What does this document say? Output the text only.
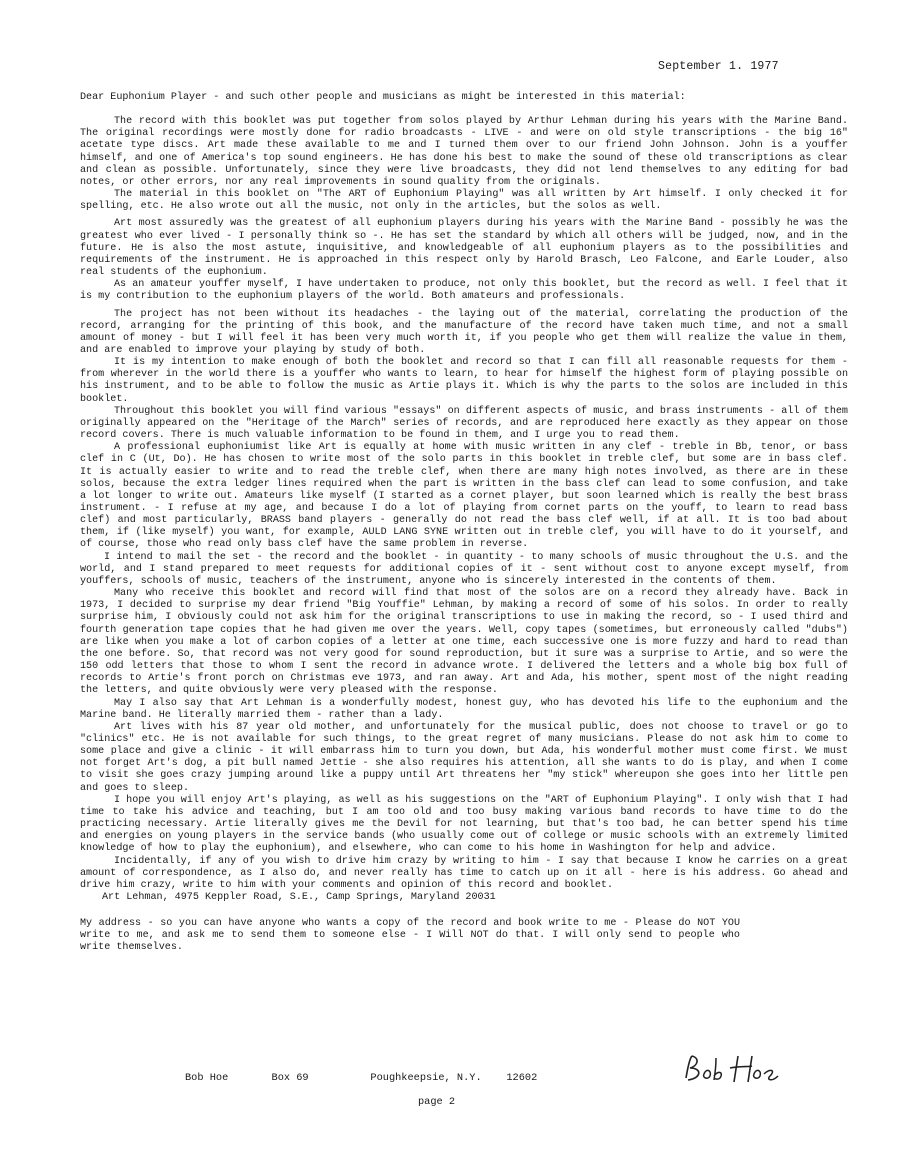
September 1. 1977

Dear Euphonium Player - and such other people and musicians as might be interested in this material:

The record with this booklet was put together from solos played by Arthur Lehman during his years with the Marine Band. The original recordings were mostly done for radio broadcasts - LIVE - and were on old style transcriptions - the big 16" acetate type discs. Art made these available to me and I turned them over to our friend John Johnson. John is a youffer himself, and one of America's top sound engineers. He has done his best to make the sound of these old transcriptions as clear and clean as possible. Unfortunately, since they were live broadcasts, they did not lend themselves to any editing for bad notes, or other errors, nor any real improvements in sound quality from the originals.

The material in this booklet on "The ART of Euphonium Playing" was all written by Art himself. I only checked it for spelling, etc. He also wrote out all the music, not only in the articles, but the solos as well.

Art most assuredly was the greatest of all euphonium players during his years with the Marine Band - possibly he was the greatest who ever lived - I personally think so -. He has set the standard by which all others will be judged, now, and in the future. He is also the most astute, inquisitive, and knowledgeable of all euphonium players as to the possibilities and requirements of the instrument. He is approached in this respect only by Harold Brasch, Leo Falcone, and Earle Louder, also real students of the euphonium.

As an amateur youffer myself, I have undertaken to produce, not only this booklet, but the record as well. I feel that it is my contribution to the euphonium players of the world. Both amateurs and professionals.

The project has not been without its headaches - the laying out of the material, correlating the production of the record, arranging for the printing of this book, and the manufacture of the record have taken much time, and not a small amount of money - but I will feel it has been very much worth it, if you people who get them will realize the value in them, and are enabled to improve your playing by study of both.

It is my intention to make enough of both the booklet and record so that I can fill all reasonable requests for them - from wherever in the world there is a youffer who wants to learn, to hear for himself the highest form of playing possible on his instrument, and to be able to follow the music as Artie plays it. Which is why the parts to the solos are included in this booklet.

Throughout this booklet you will find various "essays" on different aspects of music, and brass instruments - all of them originally appeared on the "Heritage of the March" series of records, and are reproduced here exactly as they appear on those record covers. There is much valuable information to be found in them, and I urge you to read them.

A professional euphoniumist like Art is equally at home with music written in any clef - treble in Bb, tenor, or bass clef in C (Ut, Do). He has chosen to write most of the solo parts in this booklet in treble clef, but some are in bass clef. It is actually easier to write and to read the treble clef, when there are many high notes involved, as there are in these solos, because the extra ledger lines required when the part is written in the bass clef can lead to some confusion, and take a lot longer to write out. Amateurs like myself (I started as a cornet player, but soon learned which is really the best brass instrument. - I refuse at my age, and because I do a lot of playing from cornet parts on the youff, to learn to read bass clef) and most particularly, BRASS band players - generally do not read the bass clef well, if at all. It is too bad about them, if (like myself) you want, for example, AULD LANG SYNE written out in treble clef, you will have to do it yourself, and of course, those who read only bass clef have the same problem in reverse.

I intend to mail the set - the record and the booklet - in quantity - to many schools of music throughout the U.S. and the world, and I stand prepared to meet requests for additional copies of it - sent without cost to anyone except myself, from youffers, schools of music, teachers of the instrument, anyone who is sincerely interested in the contents of them.

Many who receive this booklet and record will find that most of the solos are on a record they already have. Back in 1973, I decided to surprise my dear friend "Big Youffie" Lehman, by making a record of some of his solos. In order to really surprise him, I obviously could not ask him for the original transcriptions to use in making the record, so - I used third and fourth generation tape copies that he had given me over the years. Well, copy tapes (sometimes, but erroneously called "dubs") are like when you make a lot of carbon copies of a letter at one time, each successive one is more fuzzy and hard to read than the one before. So, that record was not very good for sound reproduction, but it sure was a surprise to Artie, and so were the 150 odd letters that those to whom I sent the record in advance wrote. I delivered the letters and a whole big box full of records to Artie's front porch on Christmas eve 1973, and ran away. Art and Ada, his mother, spent most of the night reading the letters, and quite obviously were very pleased with the response.

May I also say that Art Lehman is a wonderfully modest, honest guy, who has devoted his life to the euphonium and the Marine band. He literally married them - rather than a lady.

Art lives with his 87 year old mother, and unfortunately for the musical public, does not choose to travel or go to "clinics" etc. He is not available for such things, to the great regret of many musicians. Please do not ask him to come to some place and give a clinic - it will embarrass him to turn you down, but Ada, his wonderful mother must come first. We must not forget Art's dog, a pit bull named Jettie - she also requires his attention, all she wants to do is play, and when I come to visit she goes crazy jumping around like a puppy until Art threatens her "my stick" whereupon she goes into her little pen and goes to sleep.

I hope you will enjoy Art's playing, as well as his suggestions on the "ART of Euphonium Playing". I only wish that I had time to take his advice and teaching, but I am too old and too busy making various band records to have time to do the practicing necessary. Artie literally gives me the Devil for not learning, but that's too bad, he can better spend his time and energies on young players in the service bands (who usually come out of college or music schools with an extremely limited knowledge of how to play the euphonium), and elsewhere, who can come to his home in Washington for help and advice.

Incidentally, if any of you wish to drive him crazy by writing to him - I say that because I know he carries on a great amount of correspondence, as I also do, and never really has time to catch up on it all - here is his address. Go ahead and drive him crazy, write to him with your comments and opinion of this record and booklet.

Art Lehman, 4975 Keppler Road, S.E., Camp Springs, Maryland 20031

My address - so you can have anyone who wants a copy of the record and book write to me - Please do NOT YOU write to me, and ask me to send them to someone else - I Will NOT do that. I will only send to people who write themselves.

Bob Hoe	Box 69	Poughkeepsie, N.Y. 12602
page 2
